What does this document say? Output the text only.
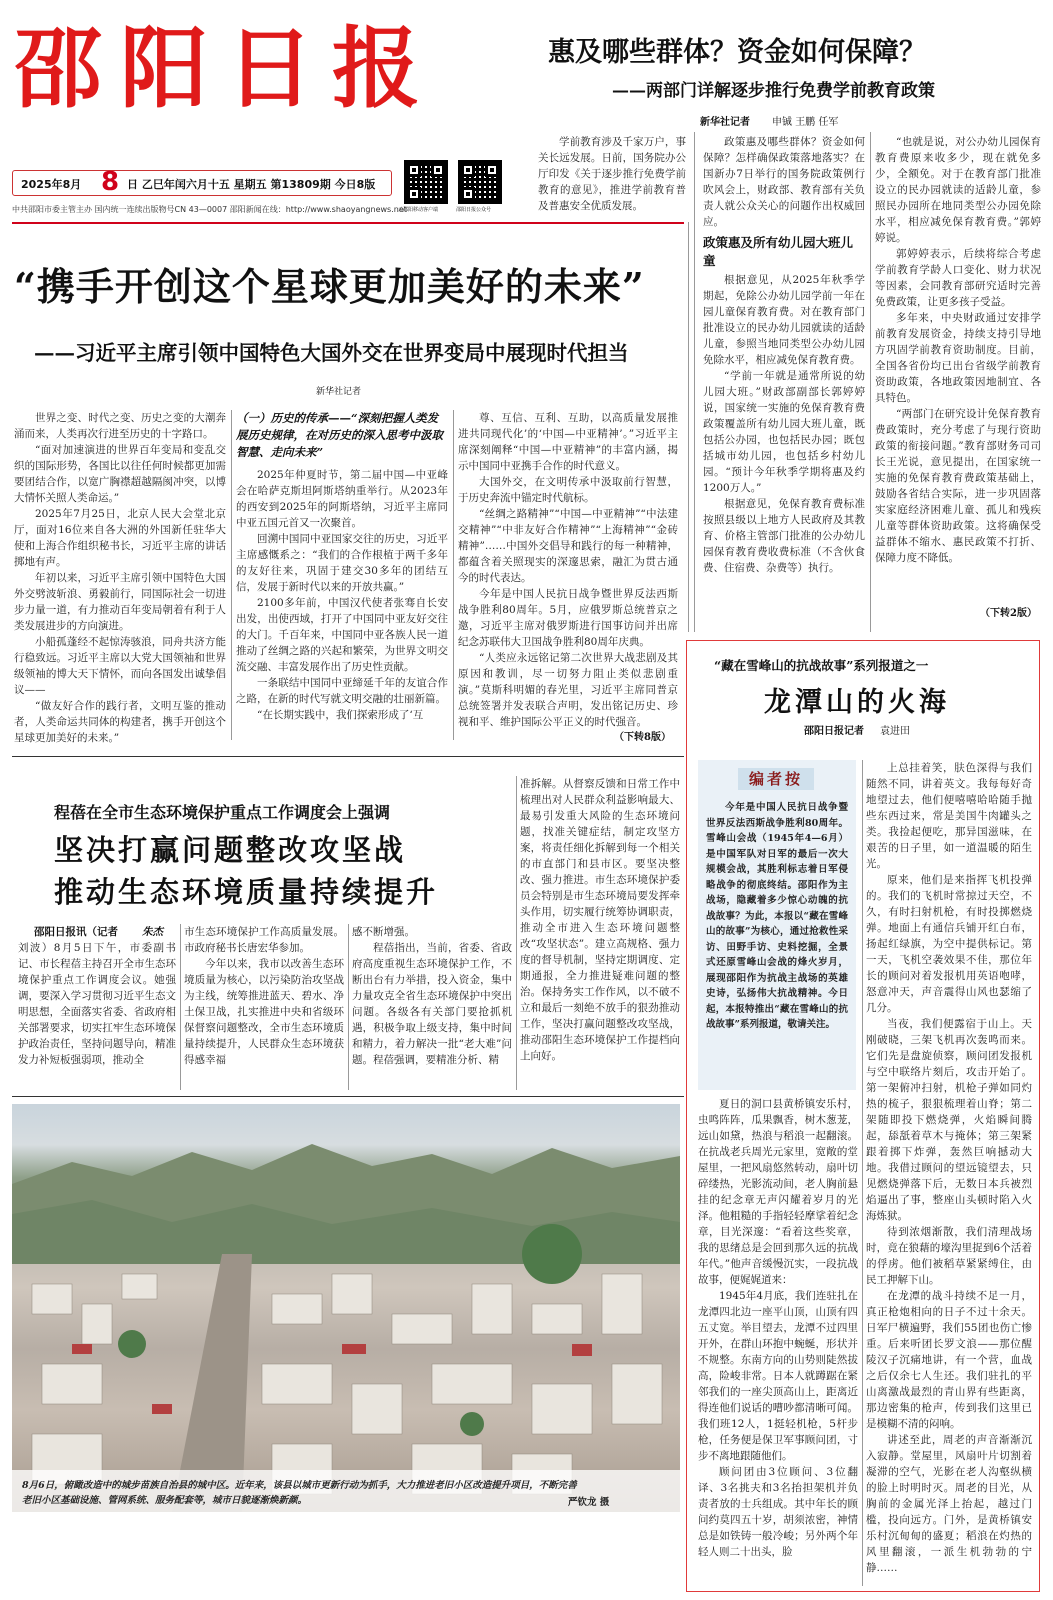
邵阳日报
2025年8月 8 日 乙巳年闰六月十五 星期五 第13809期 今日8版
云邵阳移动客户端	邵阳日报公众号
中共邵阳市委主管主办 国内统一连续出版物号CN 43—0007 邵阳新闻在线：http://www.shaoyangnews.net
惠及哪些群体？资金如何保障？
——两部门详解逐步推行免费学前教育政策
新华社记者 申铖 王鹏 任军

学前教育涉及千家万户，事关长远发展。日前，国务院办公厅印发《关于逐步推行免费学前教育的意见》，推进学前教育普及普惠安全优质发展。

政策惠及哪些群体？资金如何保障？怎样确保政策落地落实？在国新办7日举行的国务院政策例行吹风会上，财政部、教育部有关负责人就公众关心的问题作出权威回应。

政策惠及所有幼儿园大班儿童

根据意见，从2025年秋季学期起，免除公办幼儿园学前一年在园儿童保育教育费。对在教育部门批准设立的民办幼儿园就读的适龄儿童，参照当地同类型公办幼儿园免除水平，相应减免保育教育费。

“学前一年就是通常所说的幼儿园大班。”财政部副部长郭婷婷说，国家统一实施的免保育教育费政策覆盖所有幼儿园大班儿童，既包括公办园，也包括民办园；既包括城市幼儿园，也包括乡村幼儿园。“预计今年秋季学期将惠及约1200万人。”

根据意见，免保育教育费标准按照县级以上地方人民政府及其教育、价格主管部门批准的公办幼儿园保育教育费收费标准（不含伙食费、住宿费、杂费等）执行。

“也就是说，对公办幼儿园保育教育费原来收多少，现在就免多少，全额免。对于在教育部门批准设立的民办园就读的适龄儿童，参照民办园所在地同类型公办园免除水平，相应减免保育教育费。”郭婷婷说。

郭婷婷表示，后续将综合考虑学前教育学龄人口变化、财力状况等因素，会同教育部研究适时完善免费政策，让更多孩子受益。

多年来，中央财政通过安排学前教育发展资金，持续支持引导地方巩固学前教育资助制度。目前，全国各省份均已出台省级学前教育资助政策，各地政策因地制宜、各具特色。

“两部门在研究设计免保育教育费政策时，充分考虑了与现行资助政策的衔接问题。”教育部财务司司长王光说，意见提出，在国家统一实施的免保育教育费政策基础上，鼓励各省结合实际，进一步巩固落实家庭经济困难儿童、孤儿和残疾儿童等群体资助政策。这将确保受益群体不缩水、惠民政策不打折、保障力度不降低。

（下转2版）
“携手开创这个星球更加美好的未来”
——习近平主席引领中国特色大国外交在世界变局中展现时代担当
新华社记者

世界之变、时代之变、历史之变的大潮奔涌而来，人类再次行进至历史的十字路口。

“面对加速演进的世界百年变局和变乱交织的国际形势，各国比以往任何时候都更加需要团结合作，以宽广胸襟超越隔阂冲突，以博大情怀关照人类命运。”

2025年7月25日，北京人民大会堂北京厅，面对16位来自各大洲的外国新任驻华大使和上海合作组织秘书长，习近平主席的讲话掷地有声。

年初以来，习近平主席引领中国特色大国外交劈波斩浪、勇毅前行，同国际社会一切进步力量一道，有力推动百年变局朝着有利于人类发展进步的方向演进。

小船孤蓬经不起惊涛骇浪，同舟共济方能行稳致远。习近平主席以大党大国领袖和世界级领袖的博大天下情怀，而向各国发出诚挚倡议——

“做友好合作的践行者，文明互鉴的推动者，人类命运共同体的构建者，携手开创这个星球更加美好的未来。”

（一）历史的传承——“深刻把握人类发展历史规律，在对历史的深入思考中汲取智慧、走向未来”

2025年仲夏时节，第二届中国—中亚峰会在哈萨克斯坦阿斯塔纳重举行。从2023年的西安到2025年的阿斯塔纳，习近平主席同中亚五国元首又一次聚首。

回溯中国同中亚国家交往的历史，习近平主席感慨系之：“我们的合作根植于两千多年的友好往来，巩固于建交30多年的团结互信，发展于新时代以来的开放共赢。”

2100多年前，中国汉代使者张骞自长安出发，出使西域，打开了中国同中亚友好交往的大门。千百年来，中国同中亚各族人民一道推动了丝绸之路的兴起和繁荣，为世界文明交流交融、丰富发展作出了历史性贡献。

一条联结中国同中亚缔延千年的友谊合作之路，在新的时代写就文明交融的壮丽新篇。

“在长期实践中，我们探索形成了‘互

尊、互信、互利、互助，以高质量发展推进共同现代化’的‘中国—中亚精神’。”习近平主席深刻阐释“中国—中亚精神”的丰富内涵，揭示中国同中亚携手合作的时代意义。

大国外交，在文明传承中汲取前行智慧，于历史奔流中锚定时代航标。

“丝绸之路精神”“中国—中亚精神”“中法建交精神”“中非友好合作精神”“上海精神”“金砖精神”……中国外交倡导和践行的每一种精神，都蕴含着关照现实的深邃思索，融汇为贯古通今的时代表达。

今年是中国人民抗日战争暨世界反法西斯战争胜利80周年。5月，应俄罗斯总统普京之邀，习近平主席对俄罗斯进行国事访问并出席纪念苏联伟大卫国战争胜利80周年庆典。

“人类应永远铭记第二次世界大战悲剧及其原因和教训，尽一切努力阻止类似悲剧重演。”莫斯科明媚的春光里，习近平主席同普京总统签署并发表联合声明，发出铭记历史、珍视和平、维护国际公平正义的时代强音。

（下转8版）
“藏在雪峰山的抗战故事”系列报道之一
龙潭山的火海
邵阳日报记者 袁进田
编者按
今年是中国人民抗日战争暨世界反法西斯战争胜利80周年。雪峰山会战（1945年4—6月）是中国军队对日军的最后一次大规模会战，其胜利标志着日军侵略战争的彻底终结。邵阳作为主战场，隐藏着多少惊心动魄的抗战故事？为此，本报以“藏在雪峰山的故事”为核心，通过抢救性采访、田野手访、史料挖掘，全景式还原雪峰山会战的烽火岁月，展现邵阳作为抗战主战场的英雄史诗，弘扬伟大抗战精神。今日起，本报特推出“藏在雪峰山的抗战故事”系列报道，敬请关注。

夏日的洞口县黄桥镇安乐村，虫鸣阵阵，瓜果飘香，树木葱茏，远山如黛，热浪与稻浪一起翻滚。在抗战老兵周光元家里，宽敞的堂屋里，一把风扇悠然转动，扇叶切碎缕热，光影流动间，老人胸前悬挂的纪念章无声闪耀着岁月的光泽。他粗糙的手指轻轻摩挲着纪念章，目光深邃：“看着这些奖章，我的思绪总是会回到那久远的抗战年代。”他声音缓慢沉实，一段抗战故事，便娓娓道来：

1945年4月底，我们连驻扎在龙潭四北边一座平山顶，山顶有四五丈宽。举目望去，龙潭不过四里开外，在群山环抱中蜿蜒，形状并不规整。东南方向的山势则陡然拔高，险峻非常。日本人就蹲踞在紧邻我们的一座尖顶高山上，距离近得连他们说话的嘈吵都清晰可闻。我们班12人，1挺轻机枪，5杆步枪，任务便是保卫军事顾问团，寸步不离地跟随他们。

顾问团由3位顾问、3位翻译、3名挑夫和3名抬担架机并负责者放的士兵组成。其中年长的顾问约莫四五十岁，胡须浓密，神情总是如铁铸一般冷峻；另外两个年轻人则二十出头，脸

上总挂着笑，肤色深得与我们随然不同，讲着英文。我每每好奇地望过去，他们便嘻嘻哈哈随手抛些东西过来，常是美国牛肉罐头之类。我捡起便吃，那异国滋味，在艰苦的日子里，如一道温暖的陌生光。

原来，他们是来指挥飞机投弹的。我们的飞机时常掠过天空，不久，有时扫射机枪，有时投掷燃烧弹。地面上有通信兵铺开红白布，扬起红绿旗，为空中提供标记。第一天，飞机空袭效果不佳，那位年长的顾问对着发报机用英语咆哮，怒意冲天，声音震得山风也瑟缩了几分。

当夜，我们便露宿于山上。天刚破晓，三架飞机再次轰鸣而来。它们先是盘旋侦察，顾问团发报机与空中联络片刻后，攻击开始了。第一架俯冲扫射，机枪子弹如同灼热的梳子，狠狠梳理着山脊；第二架随即投下燃烧弹，火焰瞬间腾起，舔舐着草木与掩体；第三架紧跟着掷下炸弹，轰然巨响撼动大地。我借过顾问的望远镜望去，只见燃烧弹落下后，无数日本兵被烈焰逼出了事，整座山头顿时陷入火海炼狱。

待到浓烟渐散，我们清理战场时，竟在狼藉的壕沟里捉到6个活着的俘虏。他们被稻草紧紧缚住，由民工押解下山。

在龙潭的战斗持续不足一月，真正枪炮相向的日子不过十余天。日军尸横遍野，我们55团也伤亡惨重。后来听团长罗文浪——那位醒陵汉子沉痛地讲，有一个营，血战之后仅余七人生还。我们驻扎的平山离激战最烈的青山界有些距离，那边密集的枪声，传到我们这里已是模糊不清的闷响。

讲述至此，周老的声音渐渐沉入寂静。堂屋里，风扇叶片切割着凝滞的空气，光影在老人沟壑纵横的脸上时明时灭。周老的目光，从胸前的金属光泽上抬起，越过门槛，投向远方。门外，是黄桥镇安乐村沉甸甸的盛夏；稻浪在灼热的风里翻滚，一派生机勃勃的宁静……

程蓓在全市生态环境保护重点工作调度会上强调
坚决打赢问题整改攻坚战
推动生态环境质量持续提升
邵阳日报讯（记者 朱杰

刘波）8月5日下午，市委副书记、市长程蓓主持召开全市生态环境保护重点工作调度会议。她强调，要深入学习贯彻习近平生态文明思想，全面落实省委、省政府相关部署要求，切实扛牢生态环境保护政治责任，坚持问题导向，精准发力补短板强弱项，推动全

市生态环境保护工作高质量发展。市政府秘书长唐宏华参加。

今年以来，我市以改善生态环境质量为核心，以污染防治攻坚战为主线，统筹推进蓝天、碧水、净土保卫战，扎实推进中央和省级环保督察问题整改，全市生态环境质量持续提升，人民群众生态环境获得感幸福

感不断增强。

程蓓指出，当前，省委、省政府高度重视生态环境保护工作，不断出台有力举措，投入资金，集中力量攻克全省生态环境保护中突出问题。各级各有关部门要抢抓机遇，积极争取上级支持，集中时间和精力，着力解决一批“老大难”问题。程蓓强调，要精准分析、精

准拆解。从督察反馈和日常工作中梳理出对人民群众利益影响最大、最易引发重大风险的生态环境问题，找准关键症结，制定攻坚方案，将责任细化拆解到每一个相关的市直部门和县市区。要坚决整改、强力推进。市生态环境保护委员会特别是市生态环境局要发挥牵头作用，切实履行统筹协调职责，推动全市进入生态环境问题整改“攻坚状态”。建立高规格、强力度的督导机制，坚持定期调度、定期通报，全力推进疑难问题的整治。保持务实工作作风，以不破不立和最后一刻绝不放手的狠劲推动工作，坚决打赢问题整改攻坚战，推动邵阳生态环境保护工作提档向上向好。

8月6日，俯瞰改造中的城步苗族自治县的城中区。近年来，该县以城市更新行动为抓手，大力推进老旧小区改造提升项目，不断完善老旧小区基础设施、管网系统、服务配套等，城市日貌逐渐焕新颜。	严钦龙 摄
